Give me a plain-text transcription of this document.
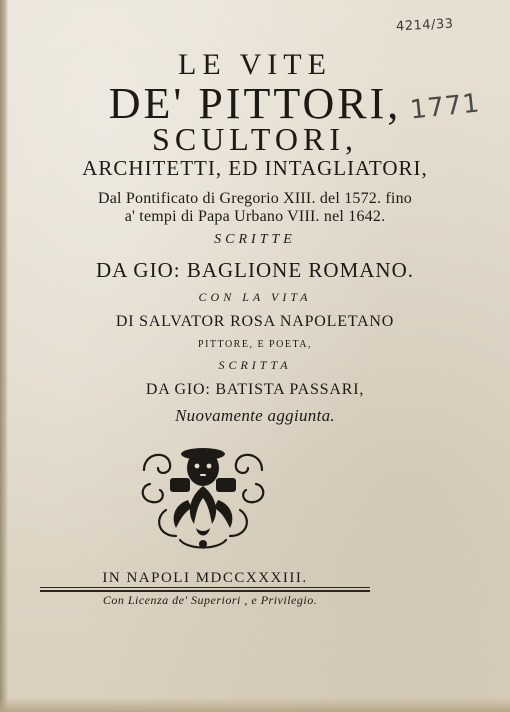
4214/33
1771
LE VITE
DE' PITTORI,
SCULTORI,
ARCHITETTI, ED INTAGLIATORI,
Dal Pontificato di Gregorio XIII. del 1572. fino
a' tempi di Papa Urbano VIII. nel 1642.
SCRITTE
DA GIO: BAGLIONE ROMANO.
CON LA VITA
DI SALVATOR ROSA NAPOLETANO
PITTORE, E POETA,
SCRITTA
DA GIO: BATISTA PASSARI,
Nuovamente aggiunta.
IN NAPOLI MDCCXXXIII.
Con Licenza de' Superiori , e Privilegio.
